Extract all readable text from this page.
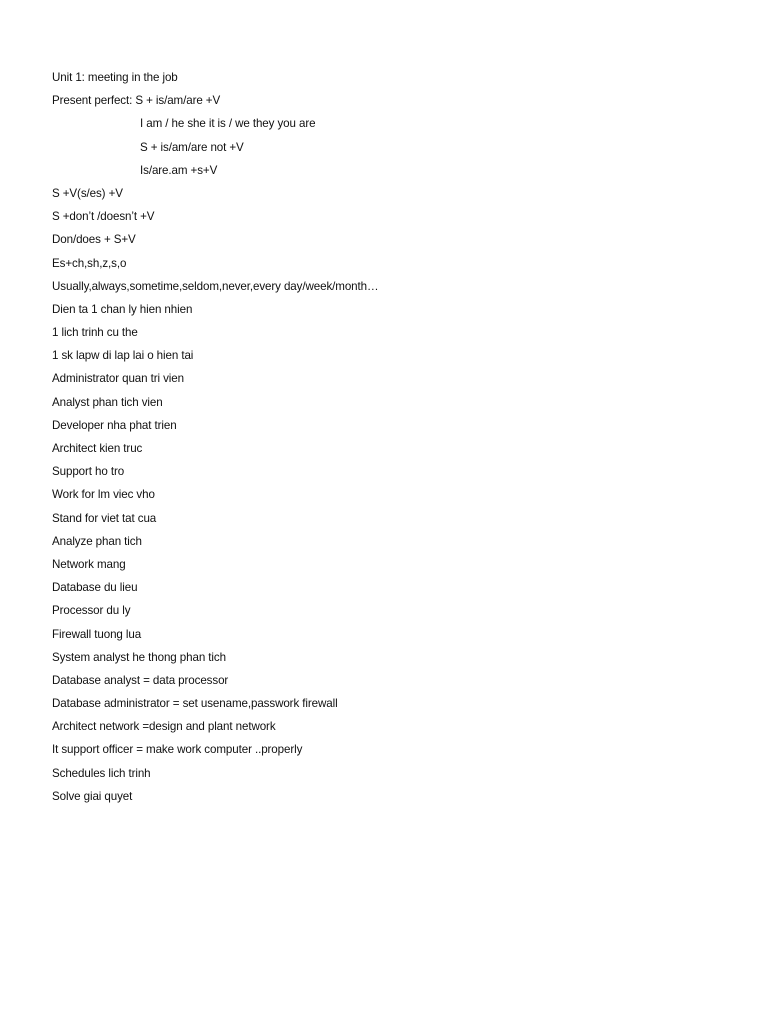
Unit 1: meeting in the job
Present perfect: S + is/am/are +V
I am / he she it is / we they you are
S + is/am/are not +V
Is/are.am +s+V
S +V(s/es) +V
S +don’t /doesn’t +V
Don/does + S+V
Es+ch,sh,z,s,o
Usually,always,sometime,seldom,never,every day/week/month…
Dien ta 1 chan ly hien nhien
1 lich trinh cu the
1 sk lapw di lap lai o hien tai
Administrator quan tri vien
Analyst phan tich vien
Developer nha phat trien
Architect kien truc
Support ho tro
Work for lm viec vho
Stand for viet tat cua
Analyze phan tich
Network mang
Database du lieu
Processor du ly
Firewall tuong lua
System analyst he thong phan tich
Database analyst = data processor
Database administrator = set usename,passwork firewall
Architect network =design and plant network
It support officer = make work computer ..properly
Schedules lich trinh
Solve giai quyet
